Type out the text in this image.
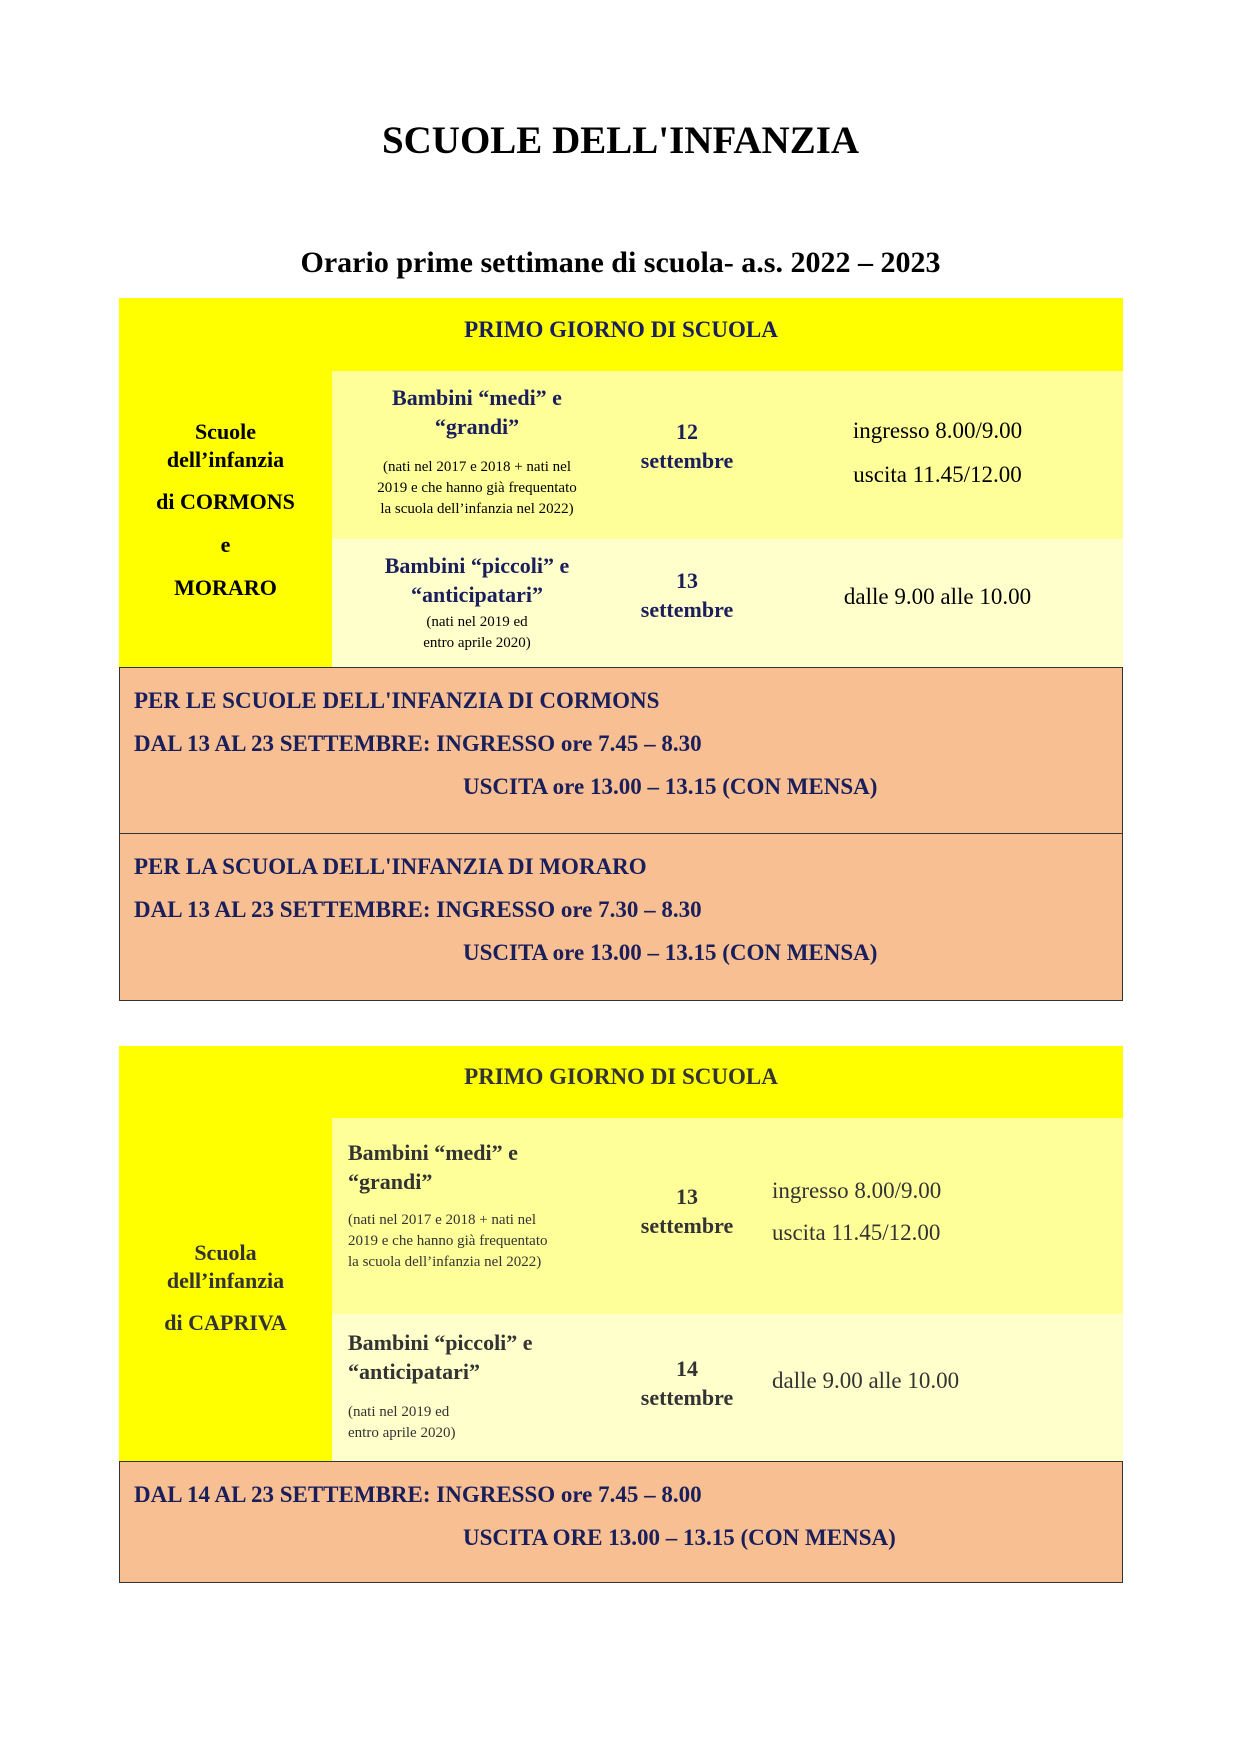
SCUOLE DELL'INFANZIA
Orario prime settimane di scuola- a.s. 2022 – 2023
PRIMO GIORNO DI SCUOLA
Scuole
dell’infanzia
di CORMONS
e
MORARO
Bambini “medi” e
“grandi”
(nati nel 2017 e 2018 + nati nel
2019 e che hanno già frequentato
la scuola dell’infanzia nel 2022)
12
settembre
ingresso 8.00/9.00
uscita 11.45/12.00
Bambini “piccoli” e
“anticipatari”
(nati nel 2019 ed
entro aprile 2020)
13
settembre
dalle 9.00 alle 10.00
PER LE SCUOLE DELL'INFANZIA DI CORMONS
DAL 13 AL 23 SETTEMBRE: INGRESSO ore 7.45 – 8.30
USCITA ore 13.00 – 13.15 (CON MENSA)
PER LA SCUOLA DELL'INFANZIA DI MORARO
DAL 13 AL 23 SETTEMBRE: INGRESSO ore 7.30 – 8.30
USCITA ore 13.00 – 13.15 (CON MENSA)
PRIMO GIORNO DI SCUOLA
Scuola
dell’infanzia
di CAPRIVA
Bambini “medi” e
“grandi”
(nati nel 2017 e 2018 + nati nel
2019 e che hanno già frequentato
la scuola dell’infanzia nel 2022)
13
settembre
ingresso 8.00/9.00
uscita 11.45/12.00
Bambini “piccoli” e
“anticipatari”
(nati nel 2019 ed
entro aprile 2020)
14
settembre
dalle 9.00 alle 10.00
DAL 14 AL 23 SETTEMBRE: INGRESSO ore 7.45 – 8.00
USCITA ORE 13.00 – 13.15 (CON MENSA)
